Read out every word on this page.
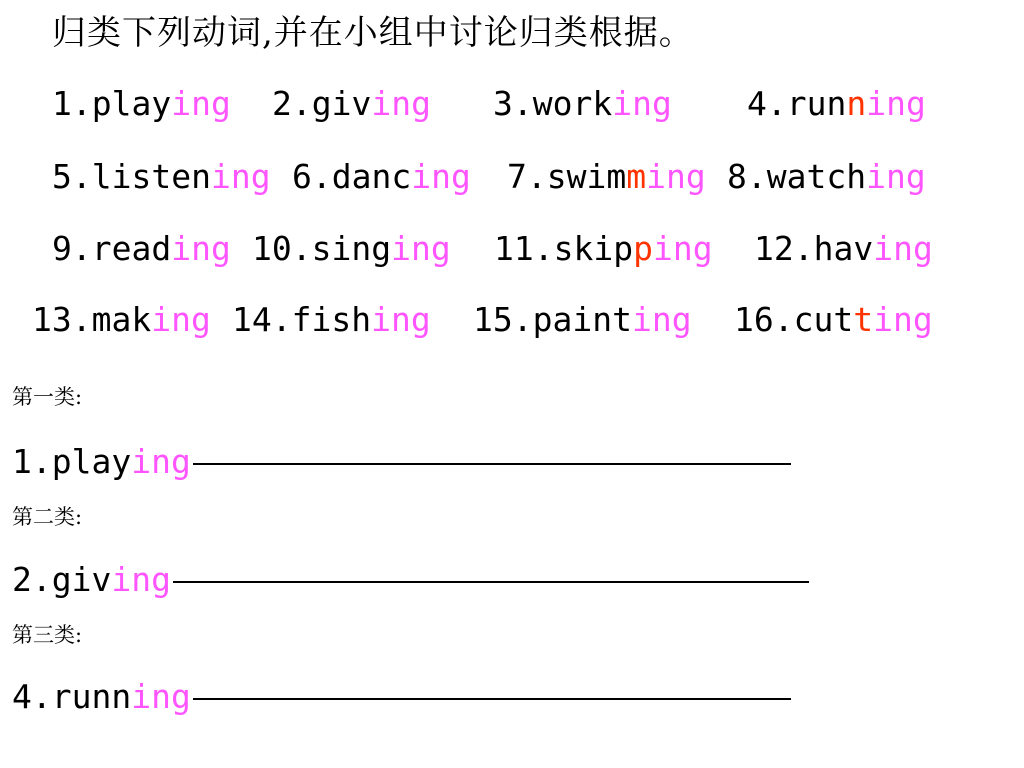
归类下列动词,并在小组中讨论归类根据。
1.playing 2.giving 3.working 4.running
5.listening 6.dancing 7.swimming 8.watching
9.reading 10.singing 11.skipping 12.having
13.making 14.fishing 15.painting 16.cutting
第一类:
1.playing
第二类:
2.giving
第三类:
4.running
